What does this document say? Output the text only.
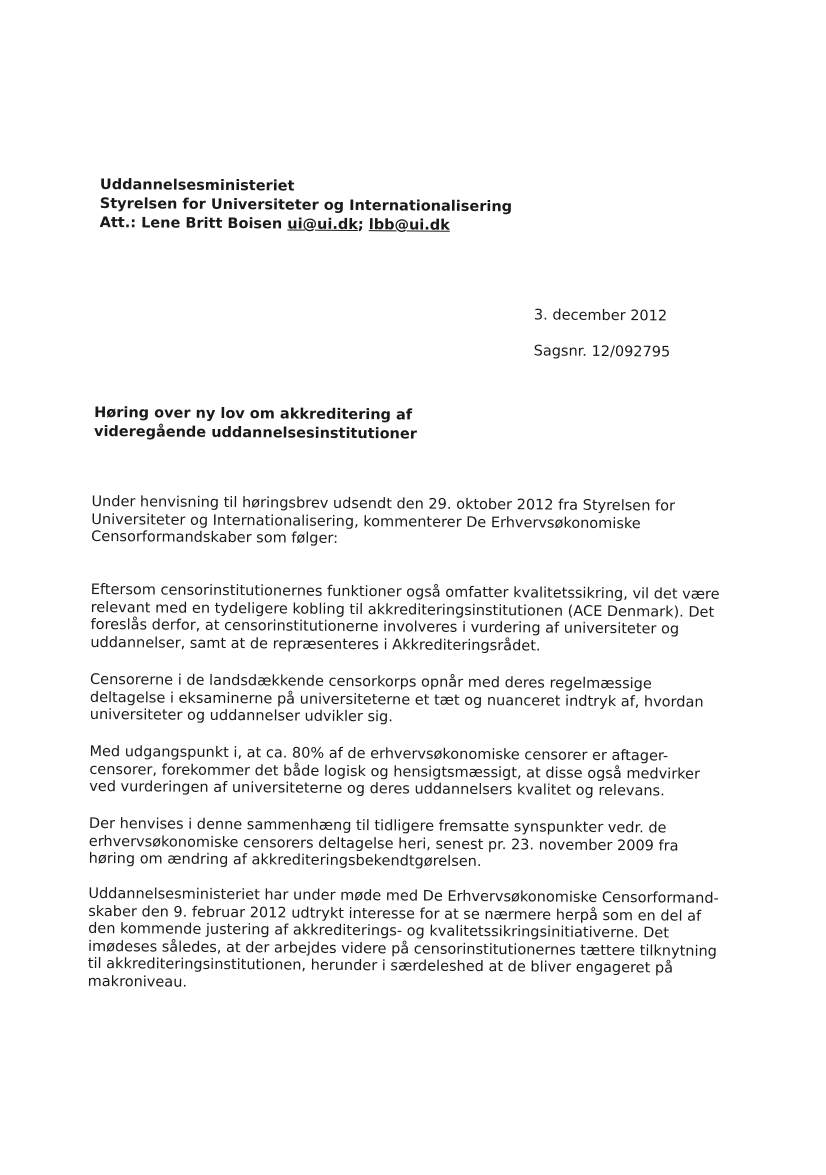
Uddannelsesministeriet
Styrelsen for Universiteter og Internationalisering
Att.: Lene Britt Boisen ui@ui.dk; lbb@ui.dk
3. december 2012
Sagsnr. 12/092795
Høring over ny lov om akkreditering af
videregående uddannelsesinstitutioner
Under henvisning til høringsbrev udsendt den 29. oktober 2012 fra Styrelsen for
Universiteter og Internationalisering, kommenterer De Erhvervsøkonomiske
Censorformandskaber som følger:
Eftersom censorinstitutionernes funktioner også omfatter kvalitetssikring, vil det være
relevant med en tydeligere kobling til akkrediteringsinstitutionen (ACE Denmark). Det
foreslås derfor, at censorinstitutionerne involveres i vurdering af universiteter og
uddannelser, samt at de repræsenteres i Akkrediteringsrådet.
Censorerne i de landsdækkende censorkorps opnår med deres regelmæssige
deltagelse i eksaminerne på universiteterne et tæt og nuanceret indtryk af, hvordan
universiteter og uddannelser udvikler sig.
Med udgangspunkt i, at ca. 80% af de erhvervsøkonomiske censorer er aftager-
censorer, forekommer det både logisk og hensigtsmæssigt, at disse også medvirker
ved vurderingen af universiteterne og deres uddannelsers kvalitet og relevans.
Der henvises i denne sammenhæng til tidligere fremsatte synspunkter vedr. de
erhvervsøkonomiske censorers deltagelse heri, senest pr. 23. november 2009 fra
høring om ændring af akkrediteringsbekendtgørelsen.
Uddannelsesministeriet har under møde med De Erhvervsøkonomiske Censorformand-
skaber den 9. februar 2012 udtrykt interesse for at se nærmere herpå som en del af
den kommende justering af akkrediterings- og kvalitetssikringsinitiativerne. Det
imødeses således, at der arbejdes videre på censorinstitutionernes tættere tilknytning
til akkrediteringsinstitutionen, herunder i særdeleshed at de bliver engageret på
makroniveau.
